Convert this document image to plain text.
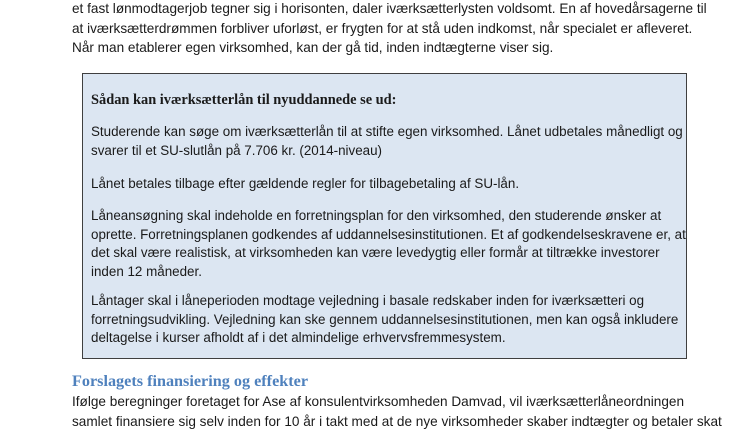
et fast lønmodtagerjob tegner sig i horisonten, daler iværksætterlysten voldsomt. En af hovedårsagerne til
at iværksætterdrømmen forbliver uforløst, er frygten for at stå uden indkomst, når specialet er afleveret.
Når man etablerer egen virksomhed, kan der gå tid, inden indtægterne viser sig.
Sådan kan iværksætterlån til nyuddannede se ud:
Studerende kan søge om iværksætterlån til at stifte egen virksomhed. Lånet udbetales månedligt og
svarer til et SU-slutlån på 7.706 kr. (2014-niveau)
Lånet betales tilbage efter gældende regler for tilbagebetaling af SU-lån.
Låneansøgning skal indeholde en forretningsplan for den virksomhed, den studerende ønsker at
oprette. Forretningsplanen godkendes af uddannelsesinstitutionen. Et af godkendelseskravene er, at
det skal være realistisk, at virksomheden kan være levedygtig eller formår at tiltrække investorer
inden 12 måneder.
Låntager skal i låneperioden modtage vejledning i basale redskaber inden for iværksætteri og
forretningsudvikling. Vejledning kan ske gennem uddannelsesinstitutionen, men kan også inkludere
deltagelse i kurser afholdt af i det almindelige erhvervsfremmesystem.
Forslagets finansiering og effekter
Ifølge beregninger foretaget for Ase af konsulentvirksomheden Damvad, vil iværksætterlåneordningen
samlet finansiere sig selv inden for 10 år i takt med at de nye virksomheder skaber indtægter og betaler skat
